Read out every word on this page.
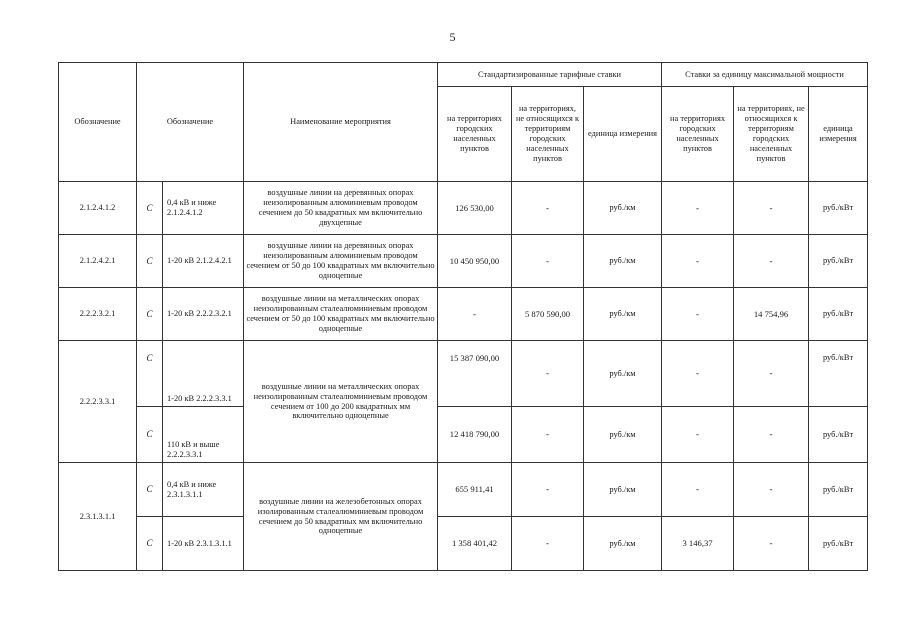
5
Обозначение	Обозначение		Наименование мероприятия	Стандартизированные тарифные ставки			Ставки за единицу максимальной мощности		
				на территориях городских населенных пунктов	на территориях, не относящихся к территориям городских населенных пунктов	единица измерения	на территориях городских населенных пунктов	на территориях, не относящихся к территориям городских населенных пунктов	единица измерения
2.1.2.4.1.2	C	0,4 кВ и ниже 2.1.2.4.1.2	воздушные линии на деревянных опорах неизолированным алюминиевым проводом сечением до 50 квадратных мм включительно двухцепные	126 530,00	-	руб./км	-	-	руб./кВт
2.1.2.4.2.1	C	1-20 кВ 2.1.2.4.2.1	воздушные линии на деревянных опорах неизолированным алюминиевым проводом сечением от 50 до 100 квадратных мм включительно одноцепные	10 450 950,00	-	руб./км	-	-	руб./кВт
2.2.2.3.2.1	C	1-20 кВ 2.2.2.3.2.1	воздушные линии на металлических опорах неизолированным сталеалюминиевым проводом сечением от 50 до 100 квадратных мм включительно одноцепные	-	5 870 590,00	руб./км	-	14 754,96	руб./кВт
2.2.2.3.3.1	C	1-20 кВ 2.2.2.3.3.1	воздушные линии на металлических опорах неизолированным сталеалюминиевым проводом сечением от 100 до 200 квадратных мм включительно одноцепные	15 387 090,00	-	руб./км	-	-	руб./кВт
	C	110 кВ и выше 2.2.2.3.3.1		12 418 790,00	-	руб./км	-	-	руб./кВт
2.3.1.3.1.1	C	0,4 кВ и ниже 2.3.1.3.1.1	воздушные линии на железобетонных опорах изолированным сталеалюминиевым проводом сечением до 50 квадратных мм включительно одноцепные	655 911,41	-	руб./км	-	-	руб./кВт
	C	1-20 кВ 2.3.1.3.1.1		1 358 401,42	-	руб./км	3 146,37	-	руб./кВт
